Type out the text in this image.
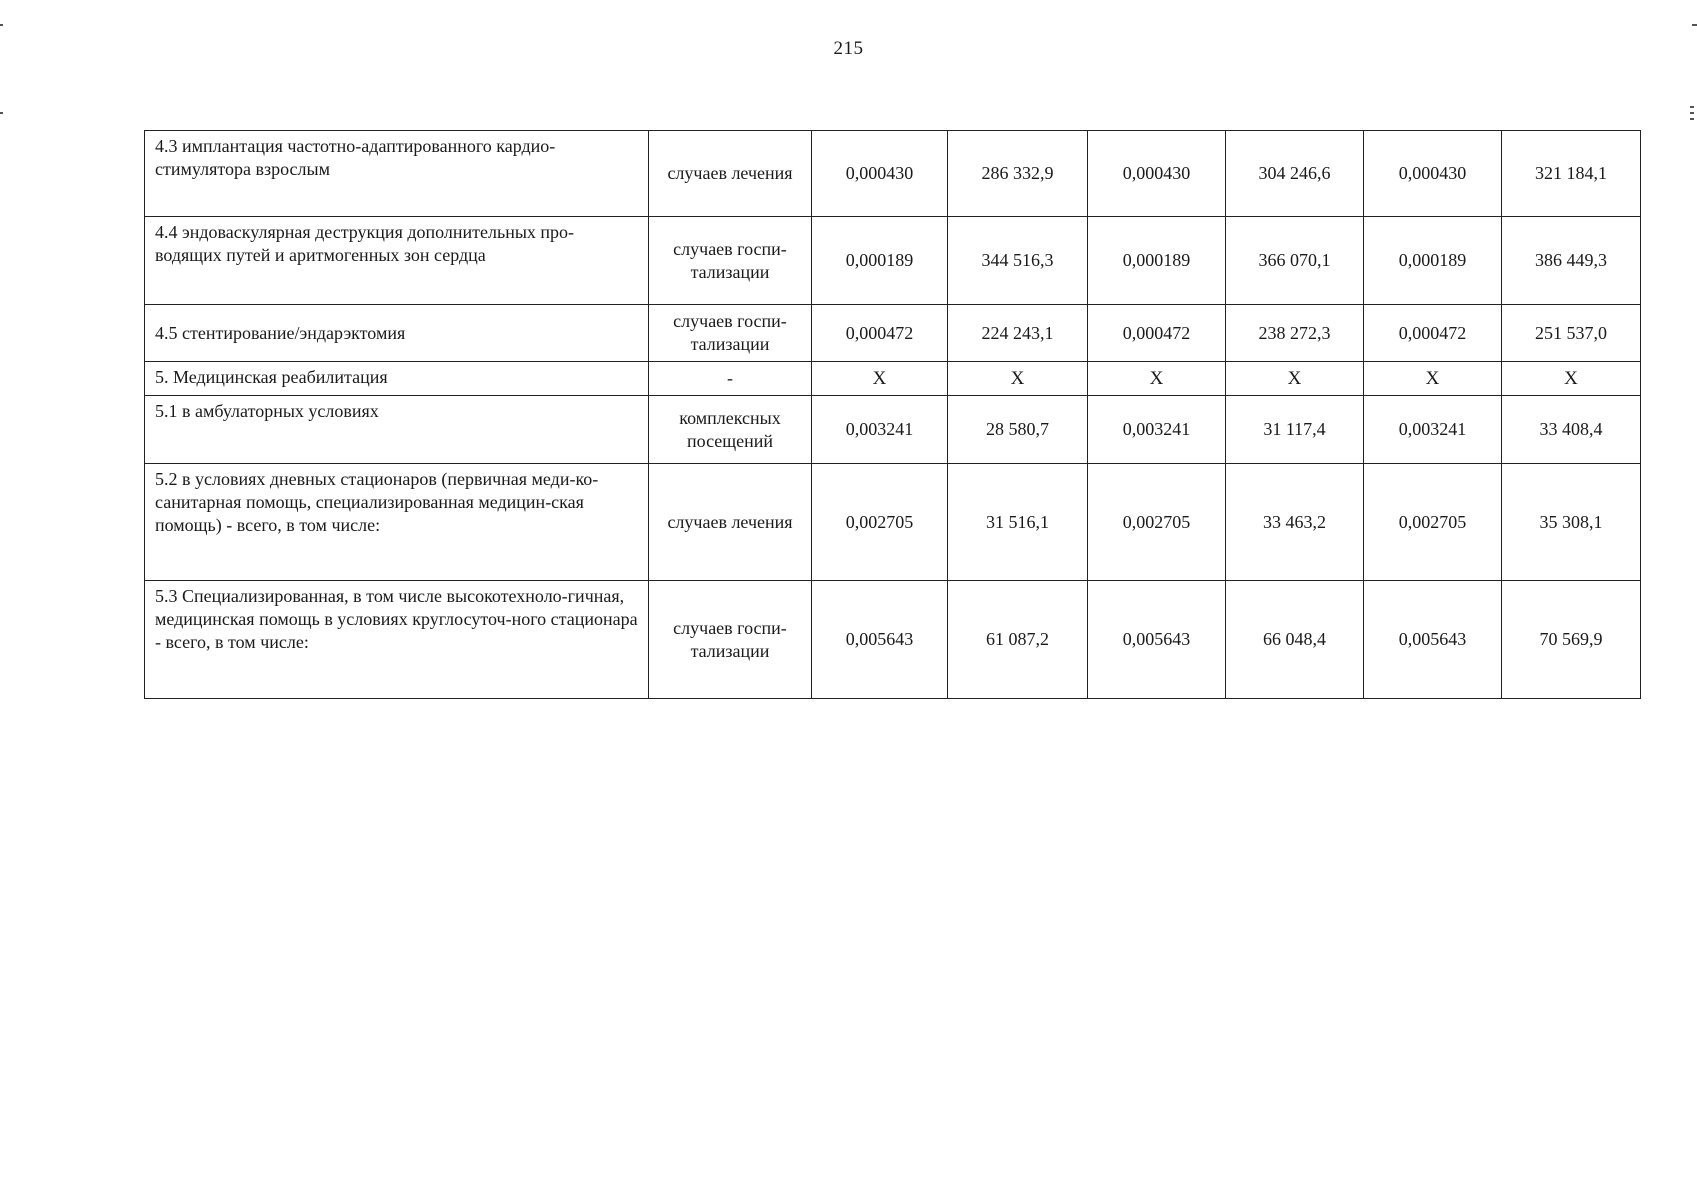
215
4.3 имплантация частотно-адаптированного кардио-стимулятора взрослым	случаев лечения	0,000430	286 332,9	0,000430	304 246,6	0,000430	321 184,1
4.4 эндоваскулярная деструкция дополнительных про-водящих путей и аритмогенных зон сердца	случаев госпи-тализации	0,000189	344 516,3	0,000189	366 070,1	0,000189	386 449,3
4.5 стентирование/эндарэктомия	случаев госпи-тализации	0,000472	224 243,1	0,000472	238 272,3	0,000472	251 537,0
5. Медицинская реабилитация	-	X	X	X	X	X	X
5.1 в амбулаторных условиях	комплексных посещений	0,003241	28 580,7	0,003241	31 117,4	0,003241	33 408,4
5.2 в условиях дневных стационаров (первичная меди-ко-санитарная помощь, специализированная медицин-ская помощь) - всего, в том числе:	случаев лечения	0,002705	31 516,1	0,002705	33 463,2	0,002705	35 308,1
5.3 Специализированная, в том числе высокотехноло-гичная, медицинская помощь в условиях круглосуточ-ного стационара - всего, в том числе:	случаев госпи-тализации	0,005643	61 087,2	0,005643	66 048,4	0,005643	70 569,9
